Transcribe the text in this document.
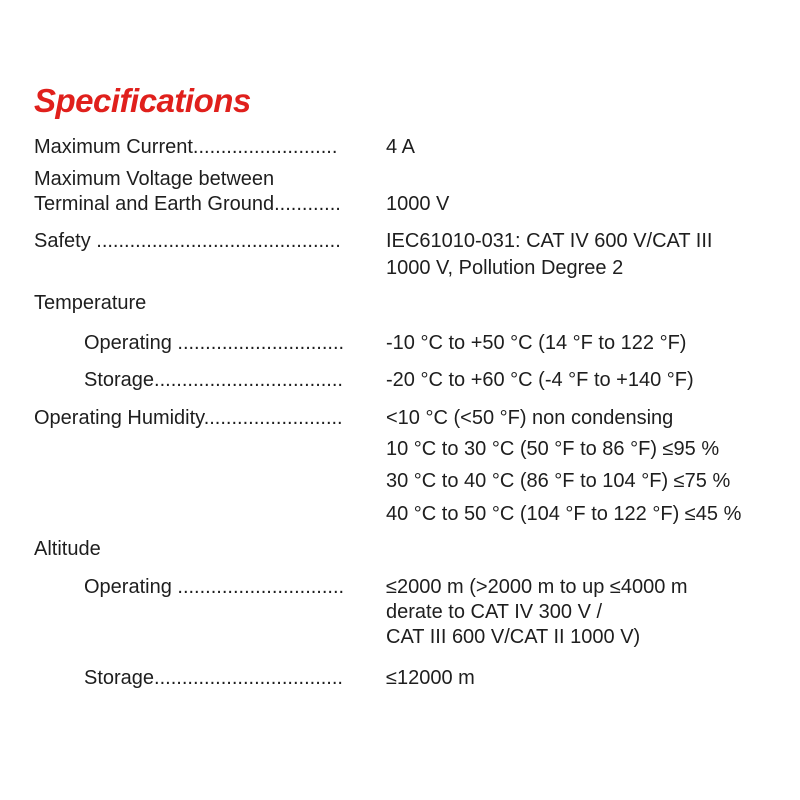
Specifications
Maximum Current.......................... 4 A
Maximum Voltage between
Terminal and Earth Ground............ 1000 V
Safety ............................................ IEC61010-031: CAT IV 600 V/CAT III
1000 V, Pollution Degree 2
Temperature
Operating .............................. -10 °C to +50 °C (14 °F to 122 °F)
Storage.................................. -20 °C to +60 °C (-4 °F to +140 °F)
Operating Humidity......................... <10 °C (<50 °F) non condensing
10 °C to 30 °C (50 °F to 86 °F) ≤95 %
30 °C to 40 °C (86 °F to 104 °F) ≤75 %
40 °C to 50 °C (104 °F to 122 °F) ≤45 %
Altitude
Operating .............................. ≤2000 m (>2000 m to up ≤4000 m
derate to CAT IV 300 V /
CAT III 600 V/CAT II 1000 V)
Storage.................................. ≤12000 m
